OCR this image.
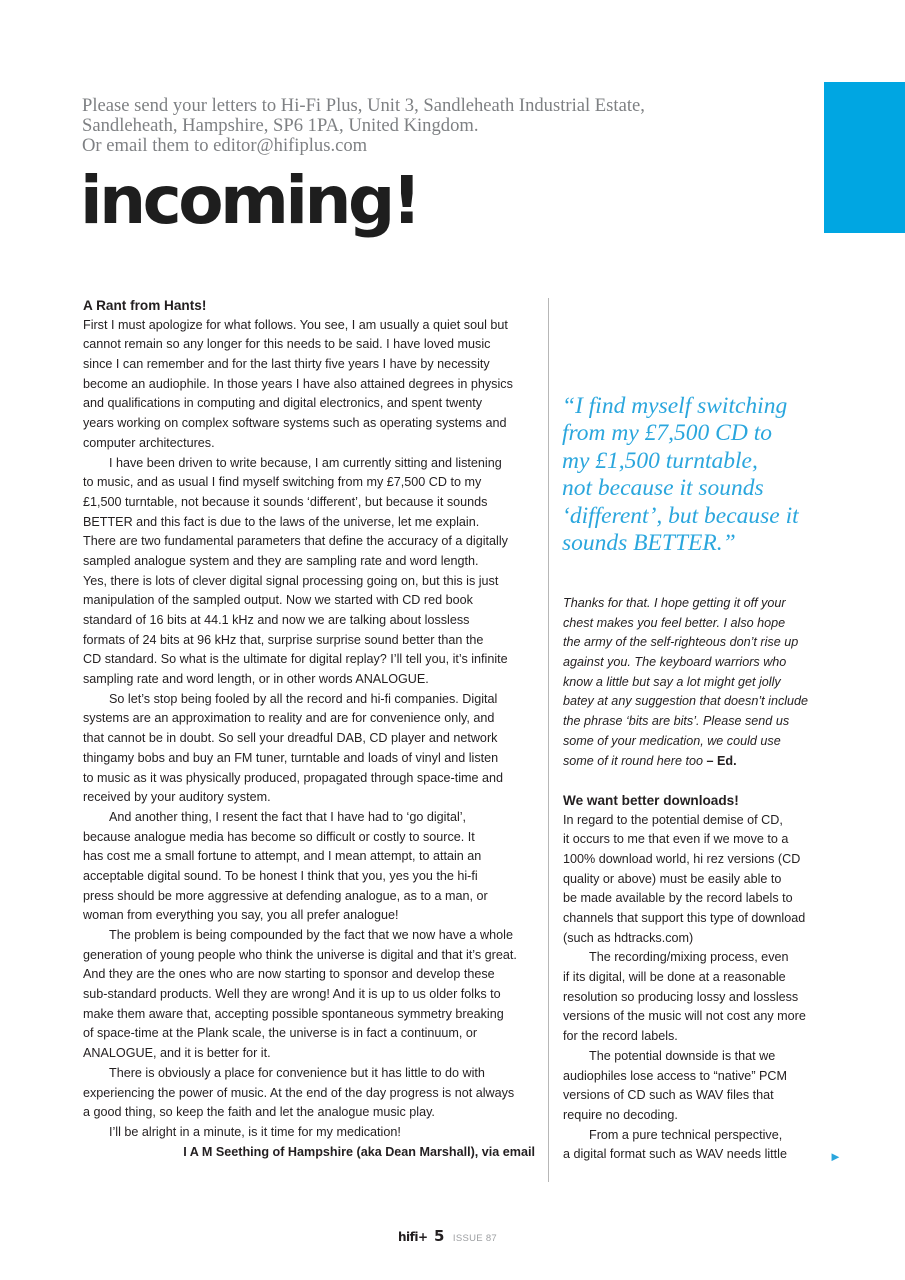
Please send your letters to Hi-Fi Plus, Unit 3, Sandleheath Industrial Estate,
Sandleheath, Hampshire, SP6 1PA, United Kingdom.
Or email them to editor@hifiplus.com
incoming!
A Rant from Hants!
First I must apologize for what follows. You see, I am usually a quiet soul but
cannot remain so any longer for this needs to be said. I have loved music
since I can remember and for the last thirty five years I have by necessity
become an audiophile. In those years I have also attained degrees in physics
and qualifications in computing and digital electronics, and spent twenty
years working on complex software systems such as operating systems and
computer architectures.
I have been driven to write because, I am currently sitting and listening
to music, and as usual I find myself switching from my £7,500 CD to my
£1,500 turntable, not because it sounds ‘different’, but because it sounds
BETTER and this fact is due to the laws of the universe, let me explain.
There are two fundamental parameters that define the accuracy of a digitally
sampled analogue system and they are sampling rate and word length.
Yes, there is lots of clever digital signal processing going on, but this is just
manipulation of the sampled output. Now we started with CD red book
standard of 16 bits at 44.1 kHz and now we are talking about lossless
formats of 24 bits at 96 kHz that, surprise surprise sound better than the
CD standard. So what is the ultimate for digital replay? I’ll tell you, it’s infinite
sampling rate and word length, or in other words ANALOGUE.
So let’s stop being fooled by all the record and hi-fi companies. Digital
systems are an approximation to reality and are for convenience only, and
that cannot be in doubt. So sell your dreadful DAB, CD player and network
thingamy bobs and buy an FM tuner, turntable and loads of vinyl and listen
to music as it was physically produced, propagated through space-time and
received by your auditory system.
And another thing, I resent the fact that I have had to ‘go digital’,
because analogue media has become so difficult or costly to source. It
has cost me a small fortune to attempt, and I mean attempt, to attain an
acceptable digital sound. To be honest I think that you, yes you the hi-fi
press should be more aggressive at defending analogue, as to a man, or
woman from everything you say, you all prefer analogue!
The problem is being compounded by the fact that we now have a whole
generation of young people who think the universe is digital and that it’s great.
And they are the ones who are now starting to sponsor and develop these
sub-standard products. Well they are wrong! And it is up to us older folks to
make them aware that, accepting possible spontaneous symmetry breaking
of space-time at the Plank scale, the universe is in fact a continuum, or
ANALOGUE, and it is better for it.
There is obviously a place for convenience but it has little to do with
experiencing the power of music. At the end of the day progress is not always
a good thing, so keep the faith and let the analogue music play.
I’ll be alright in a minute, is it time for my medication!
I A M Seething of Hampshire (aka Dean Marshall), via email
“I find myself switching
from my £7,500 CD to
my £1,500 turntable,
not because it sounds
‘different’, but because it
sounds BETTER.”
Thanks for that. I hope getting it off your
chest makes you feel better. I also hope
the army of the self-righteous don’t rise up
against you. The keyboard warriors who
know a little but say a lot might get jolly
batey at any suggestion that doesn’t include
the phrase ‘bits are bits’. Please send us
some of your medication, we could use
some of it round here too – Ed.
We want better downloads!
In regard to the potential demise of CD,
it occurs to me that even if we move to a
100% download world, hi rez versions (CD
quality or above) must be easily able to
be made available by the record labels to
channels that support this type of download
(such as hdtracks.com)
The recording/mixing process, even
if its digital, will be done at a reasonable
resolution so producing lossy and lossless
versions of the music will not cost any more
for the record labels.
The potential downside is that we
audiophiles lose access to “native” PCM
versions of CD such as WAV files that
require no decoding.
From a pure technical perspective,
a digital format such as WAV needs little	►
hifi+ 5 ISSUE 87
